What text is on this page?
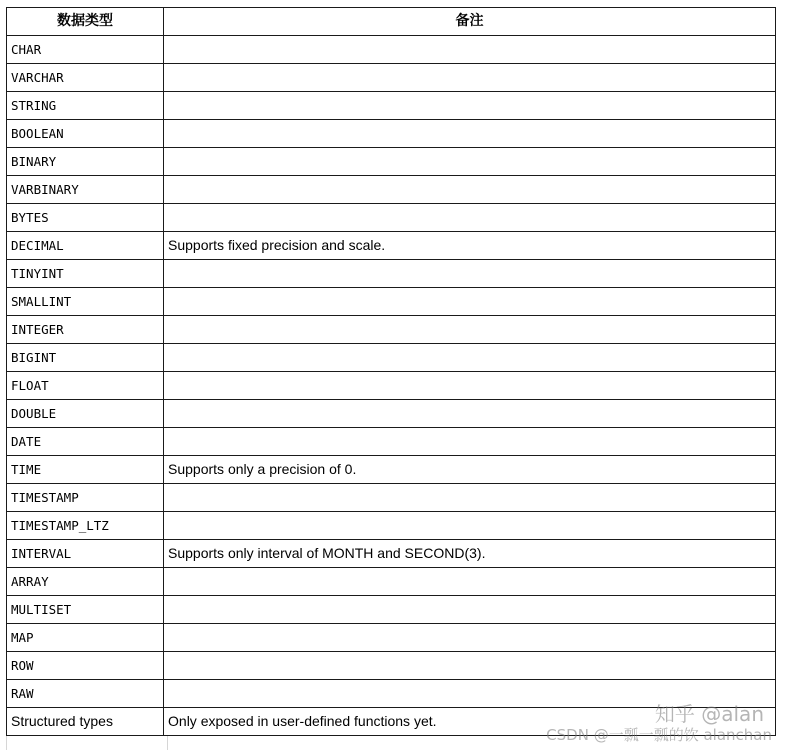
数据类型	备注
CHAR	
VARCHAR	
STRING	
BOOLEAN	
BINARY	
VARBINARY	
BYTES	
DECIMAL	Supports fixed precision and scale.
TINYINT	
SMALLINT	
INTEGER	
BIGINT	
FLOAT	
DOUBLE	
DATE	
TIME	Supports only a precision of 0.
TIMESTAMP	
TIMESTAMP_LTZ	
INTERVAL	Supports only interval of MONTH and SECOND(3).
ARRAY	
MULTISET	
MAP	
ROW	
RAW	
Structured types	Only exposed in user-defined functions yet.	知乎 @alan
CSDN @一瓢一瓢的饮 alanchan
